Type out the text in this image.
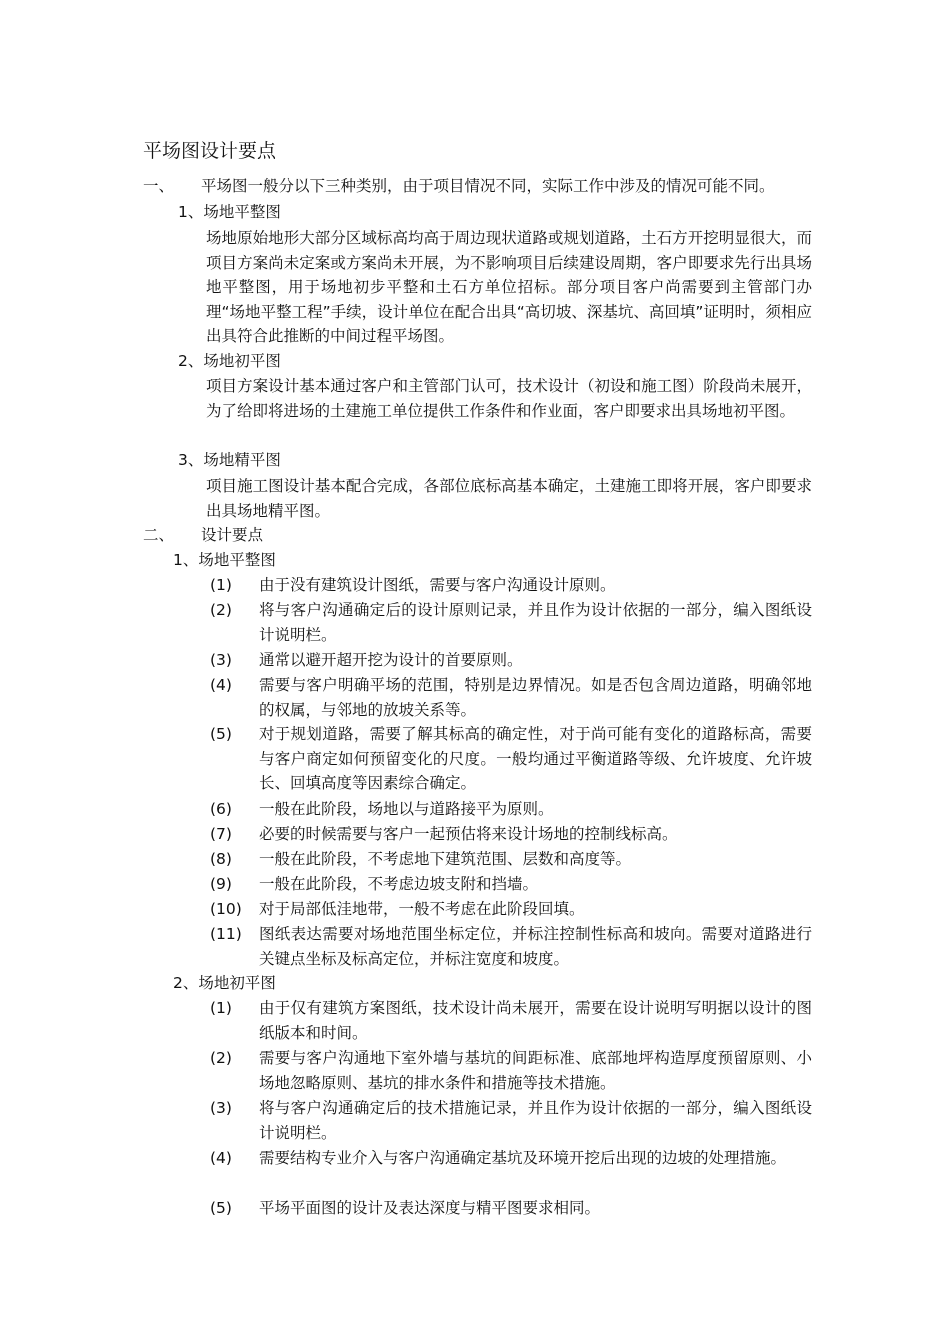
平场图设计要点
一、 平场图一般分以下三种类别，由于项目情况不同，实际工作中涉及的情况可能不同。
1、场地平整图
场地原始地形大部分区域标高均高于周边现状道路或规划道路，土石方开挖明显很大，而项目方案尚未定案或方案尚未开展，为不影响项目后续建设周期，客户即要求先行出具场地平整图，用于场地初步平整和土石方单位招标。部分项目客户尚需要到主管部门办理“场地平整工程”手续，设计单位在配合出具“高切坡、深基坑、高回填”证明时，须相应出具符合此推断的中间过程平场图。
2、场地初平图
项目方案设计基本通过客户和主管部门认可，技术设计（初设和施工图）阶段尚未展开，为了给即将进场的土建施工单位提供工作条件和作业面，客户即要求出具场地初平图。
3、场地精平图
项目施工图设计基本配合完成，各部位底标高基本确定，土建施工即将开展，客户即要求出具场地精平图。
二、 设计要点
1、场地平整图
(1) 由于没有建筑设计图纸，需要与客户沟通设计原则。
(2) 将与客户沟通确定后的设计原则记录，并且作为设计依据的一部分，编入图纸设计说明栏。
(3) 通常以避开超开挖为设计的首要原则。
(4) 需要与客户明确平场的范围，特别是边界情况。如是否包含周边道路，明确邻地的权属，与邻地的放坡关系等。
(5) 对于规划道路，需要了解其标高的确定性，对于尚可能有变化的道路标高，需要与客户商定如何预留变化的尺度。一般均通过平衡道路等级、允许坡度、允许坡长、回填高度等因素综合确定。
(6) 一般在此阶段，场地以与道路接平为原则。
(7) 必要的时候需要与客户一起预估将来设计场地的控制线标高。
(8) 一般在此阶段，不考虑地下建筑范围、层数和高度等。
(9) 一般在此阶段，不考虑边坡支附和挡墙。
(10) 对于局部低洼地带，一般不考虑在此阶段回填。
(11) 图纸表达需要对场地范围坐标定位，并标注控制性标高和坡向。需要对道路进行关键点坐标及标高定位，并标注宽度和坡度。
2、场地初平图
(1) 由于仅有建筑方案图纸，技术设计尚未展开，需要在设计说明写明据以设计的图纸版本和时间。
(2) 需要与客户沟通地下室外墙与基坑的间距标准、底部地坪构造厚度预留原则、小场地忽略原则、基坑的排水条件和措施等技术措施。
(3) 将与客户沟通确定后的技术措施记录，并且作为设计依据的一部分，编入图纸设计说明栏。
(4) 需要结构专业介入与客户沟通确定基坑及环境开挖后出现的边坡的处理措施。
(5) 平场平面图的设计及表达深度与精平图要求相同。
